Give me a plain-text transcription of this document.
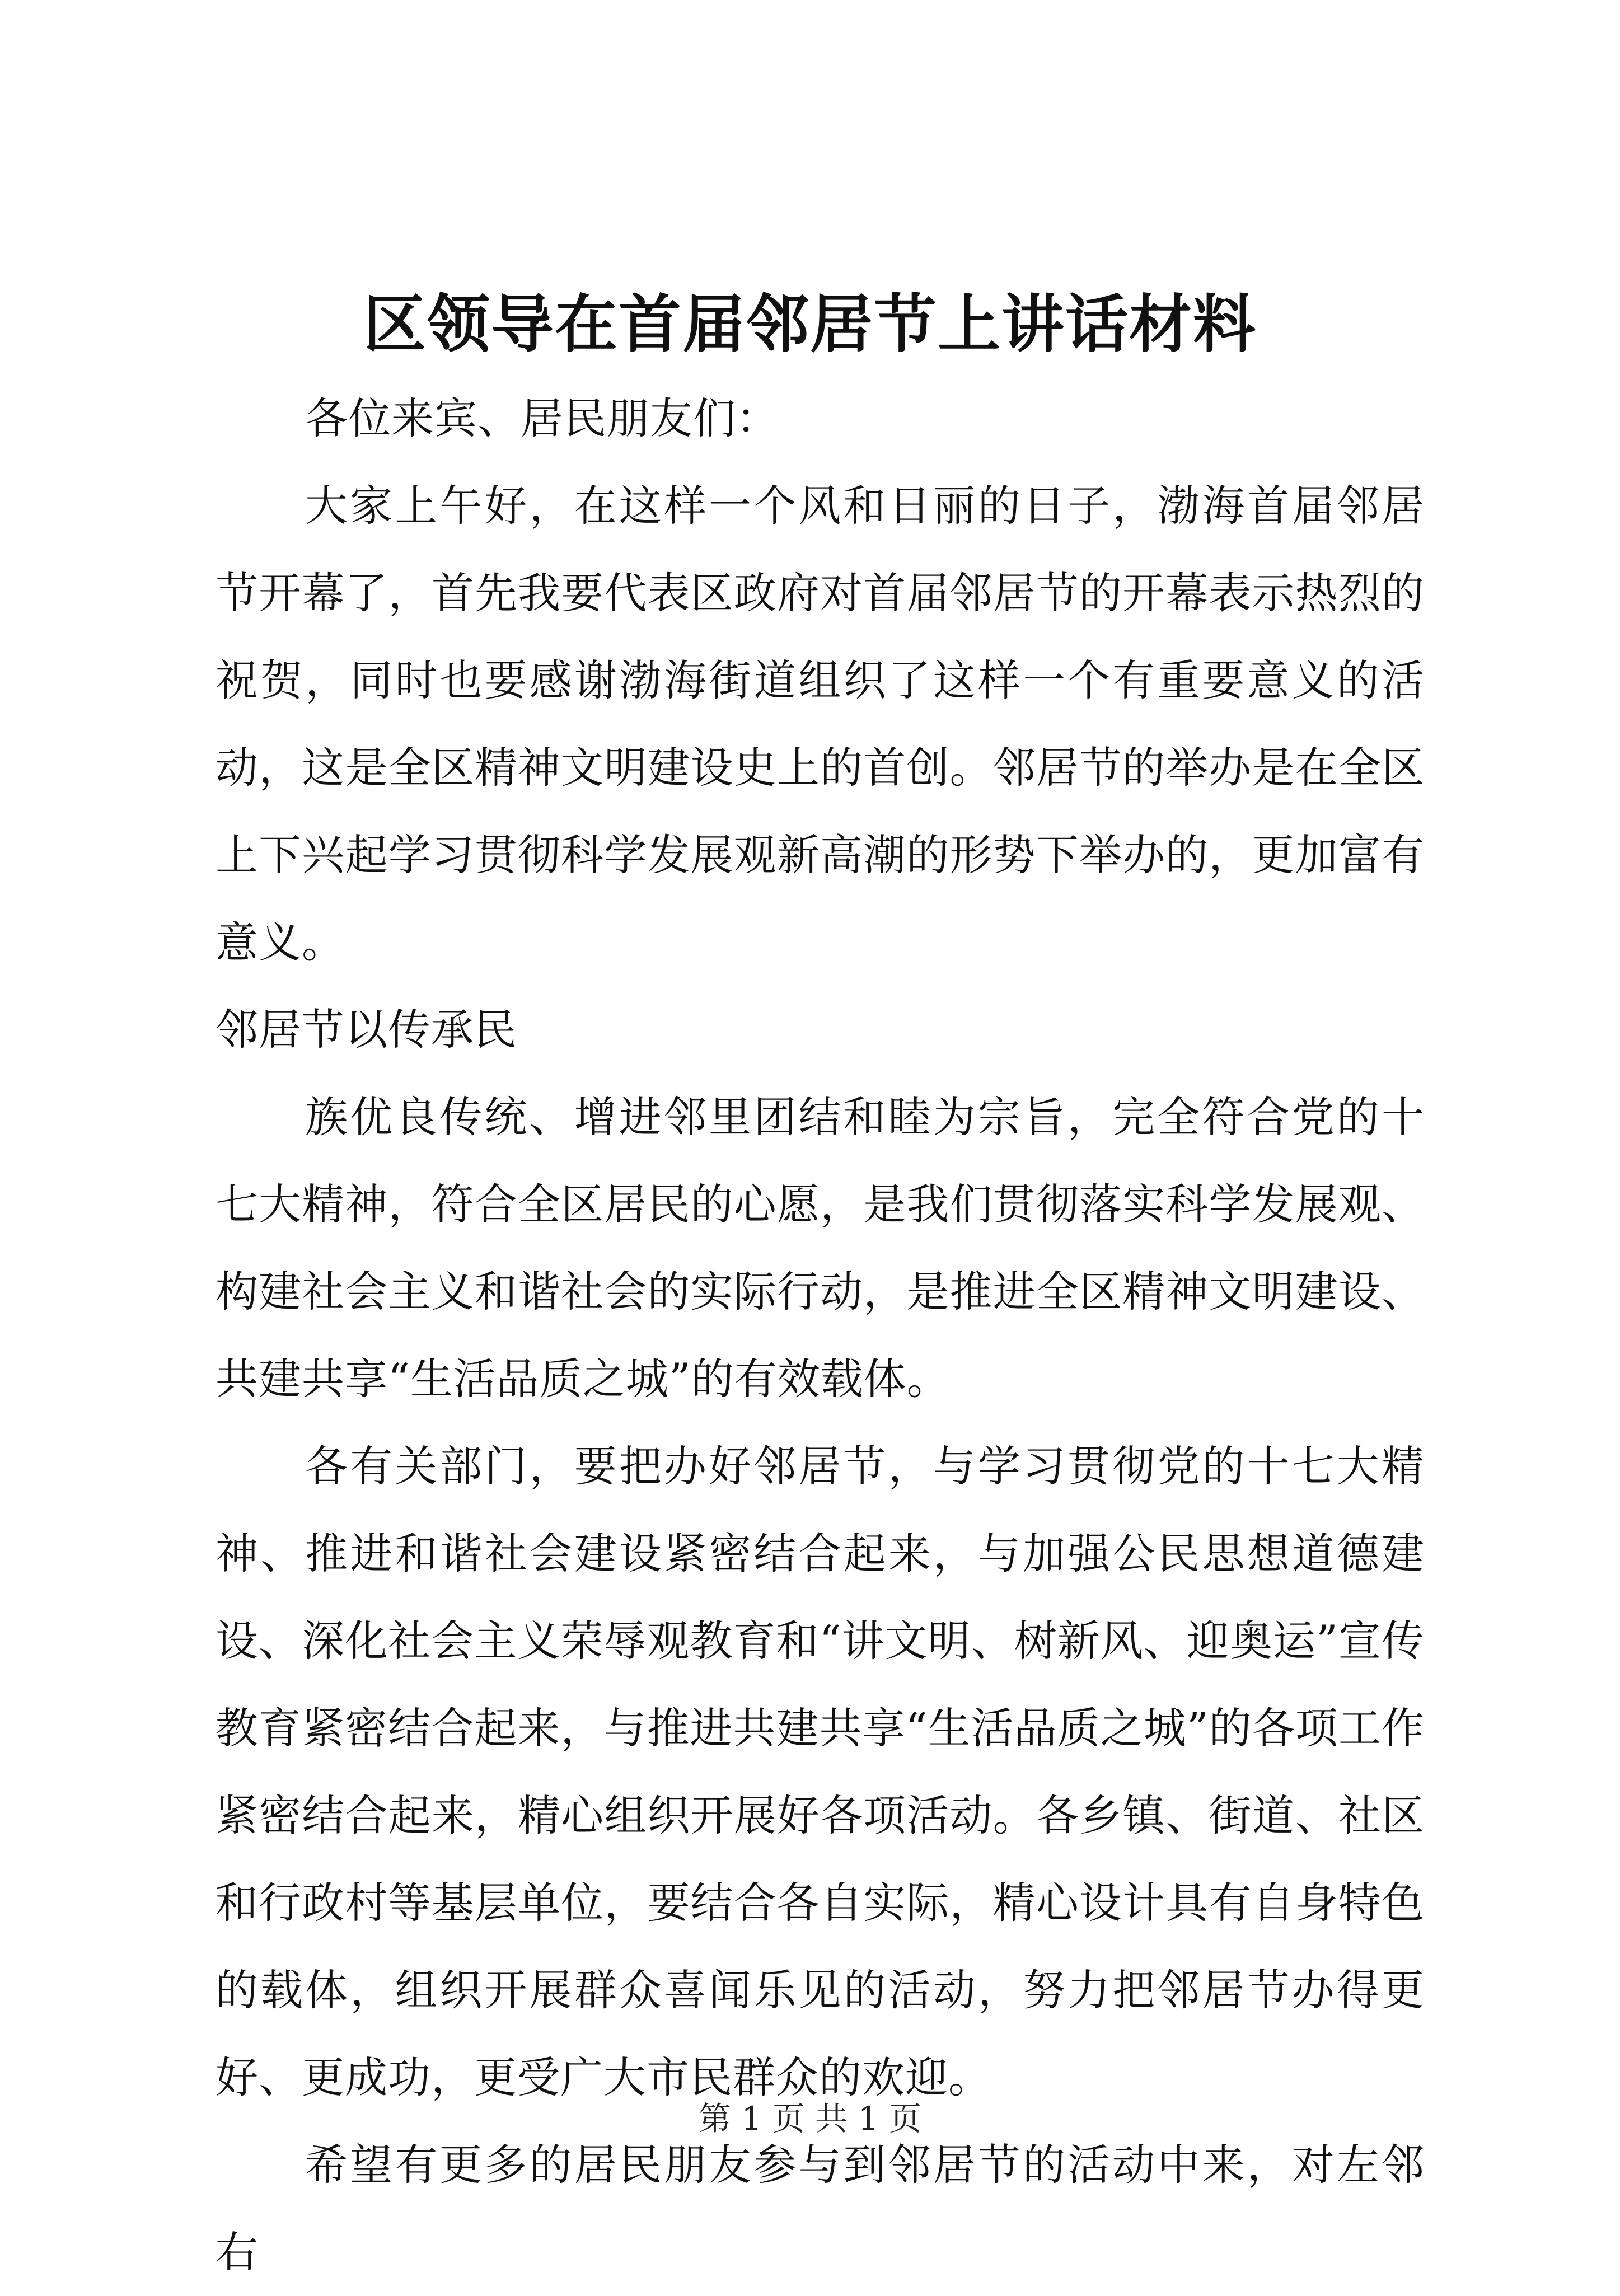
区领导在首届邻居节上讲话材料

各位来宾、居民朋友们：

大家上午好，在这样一个风和日丽的日子，渤海首届邻居节开幕了，首先我要代表区政府对首届邻居节的开幕表示热烈的祝贺，同时也要感谢渤海街道组织了这样一个有重要意义的活动，这是全区精神文明建设史上的首创。邻居节的举办是在全区上下兴起学习贯彻科学发展观新高潮的形势下举办的，更加富有意义。

邻居节以传承民

族优良传统、增进邻里团结和睦为宗旨，完全符合党的十七大精神，符合全区居民的心愿，是我们贯彻落实科学发展观、构建社会主义和谐社会的实际行动，是推进全区精神文明建设、共建共享“生活品质之城”的有效载体。

各有关部门，要把办好邻居节，与学习贯彻党的十七大精神、推进和谐社会建设紧密结合起来，与加强公民思想道德建设、深化社会主义荣辱观教育和“讲文明、树新风、迎奥运”宣传教育紧密结合起来，与推进共建共享“生活品质之城”的各项工作紧密结合起来，精心组织开展好各项活动。各乡镇、街道、社区和行政村等基层单位，要结合各自实际，精心设计具有自身特色的载体，组织开展群众喜闻乐见的活动，努力把邻居节办得更好、更成功，更受广大市民群众的欢迎。

希望有更多的居民朋友参与到邻居节的活动中来，对左邻右

第 1 页 共 1 页
